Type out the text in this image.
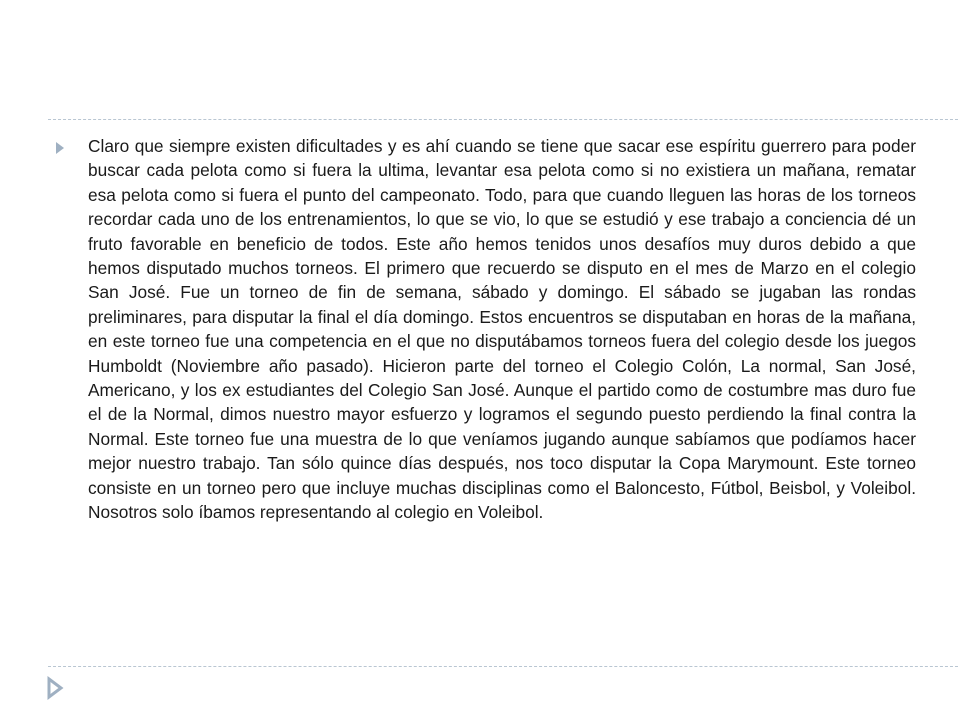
Claro que siempre existen dificultades y es ahí cuando se tiene que sacar ese espíritu guerrero para poder buscar cada pelota como si fuera la ultima, levantar esa pelota como si no existiera un mañana, rematar esa pelota como si fuera el punto del campeonato. Todo, para que cuando lleguen las horas de los torneos recordar cada uno de los entrenamientos, lo que se vio, lo que se estudió y ese trabajo a conciencia dé un fruto favorable en beneficio de todos. Este año hemos tenidos unos desafíos muy duros debido a que hemos disputado muchos torneos. El primero que recuerdo se disputo en el mes de Marzo en el colegio San José. Fue un torneo de fin de semana, sábado y domingo. El sábado se jugaban las rondas preliminares, para disputar la final el día domingo. Estos encuentros se disputaban en horas de la mañana, en este torneo fue una competencia en el que no disputábamos torneos fuera del colegio desde los juegos Humboldt (Noviembre año pasado). Hicieron parte del torneo el Colegio Colón, La normal, San José, Americano, y los ex estudiantes del Colegio San José. Aunque el partido como de costumbre mas duro fue el de la Normal, dimos nuestro mayor esfuerzo y logramos el segundo puesto perdiendo la final contra la Normal. Este torneo fue una muestra de lo que veníamos jugando aunque sabíamos que podíamos hacer mejor nuestro trabajo. Tan sólo quince días después, nos toco disputar la Copa Marymount. Este torneo consiste en un torneo pero que incluye muchas disciplinas como el Baloncesto, Fútbol, Beisbol, y Voleibol. Nosotros solo íbamos representando al colegio en Voleibol.
